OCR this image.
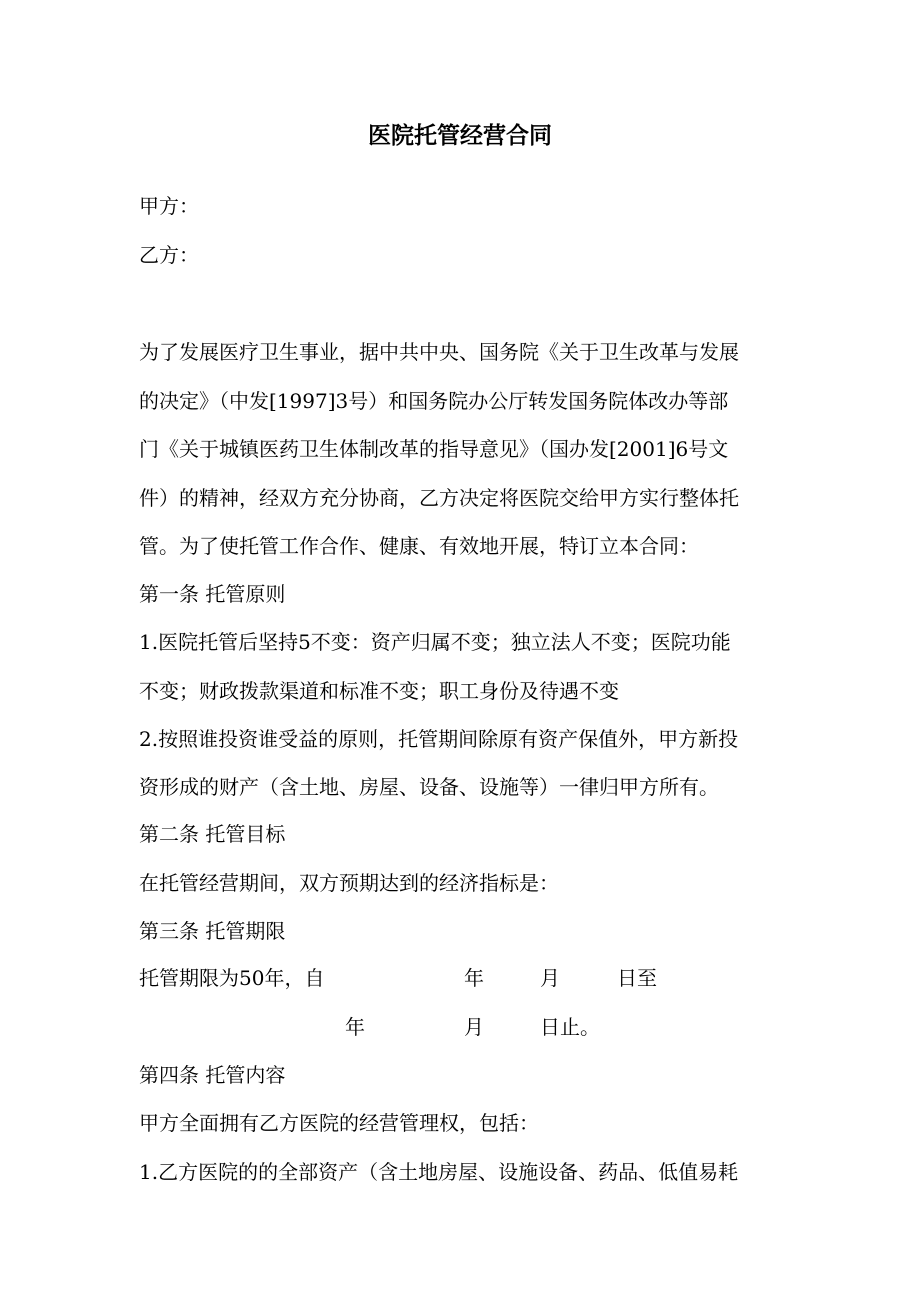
医院托管经营合同
甲方：
乙方：
为了发展医疗卫生事业，据中共中央、国务院《关于卫生改革与发展
的决定》（中发[1997]3号）和国务院办公厅转发国务院体改办等部
门《关于城镇医药卫生体制改革的指导意见》（国办发[2001]6号文
件）的精神，经双方充分协商，乙方决定将医院交给甲方实行整体托
管。为了使托管工作合作、健康、有效地开展，特订立本合同：
第一条 托管原则
1.医院托管后坚持5不变：资产归属不变；独立法人不变；医院功能
不变；财政拨款渠道和标准不变；职工身份及待遇不变
2.按照谁投资谁受益的原则，托管期间除原有资产保值外，甲方新投
资形成的财产（含土地、房屋、设备、设施等）一律归甲方所有。
第二条 托管目标
在托管经营期间，双方预期达到的经济指标是：
第三条 托管期限
托管期限为50年，自	年	月	日至
年	月	日止。
第四条 托管内容
甲方全面拥有乙方医院的经营管理权，包括：
1.乙方医院的的全部资产（含土地房屋、设施设备、药品、低值易耗
